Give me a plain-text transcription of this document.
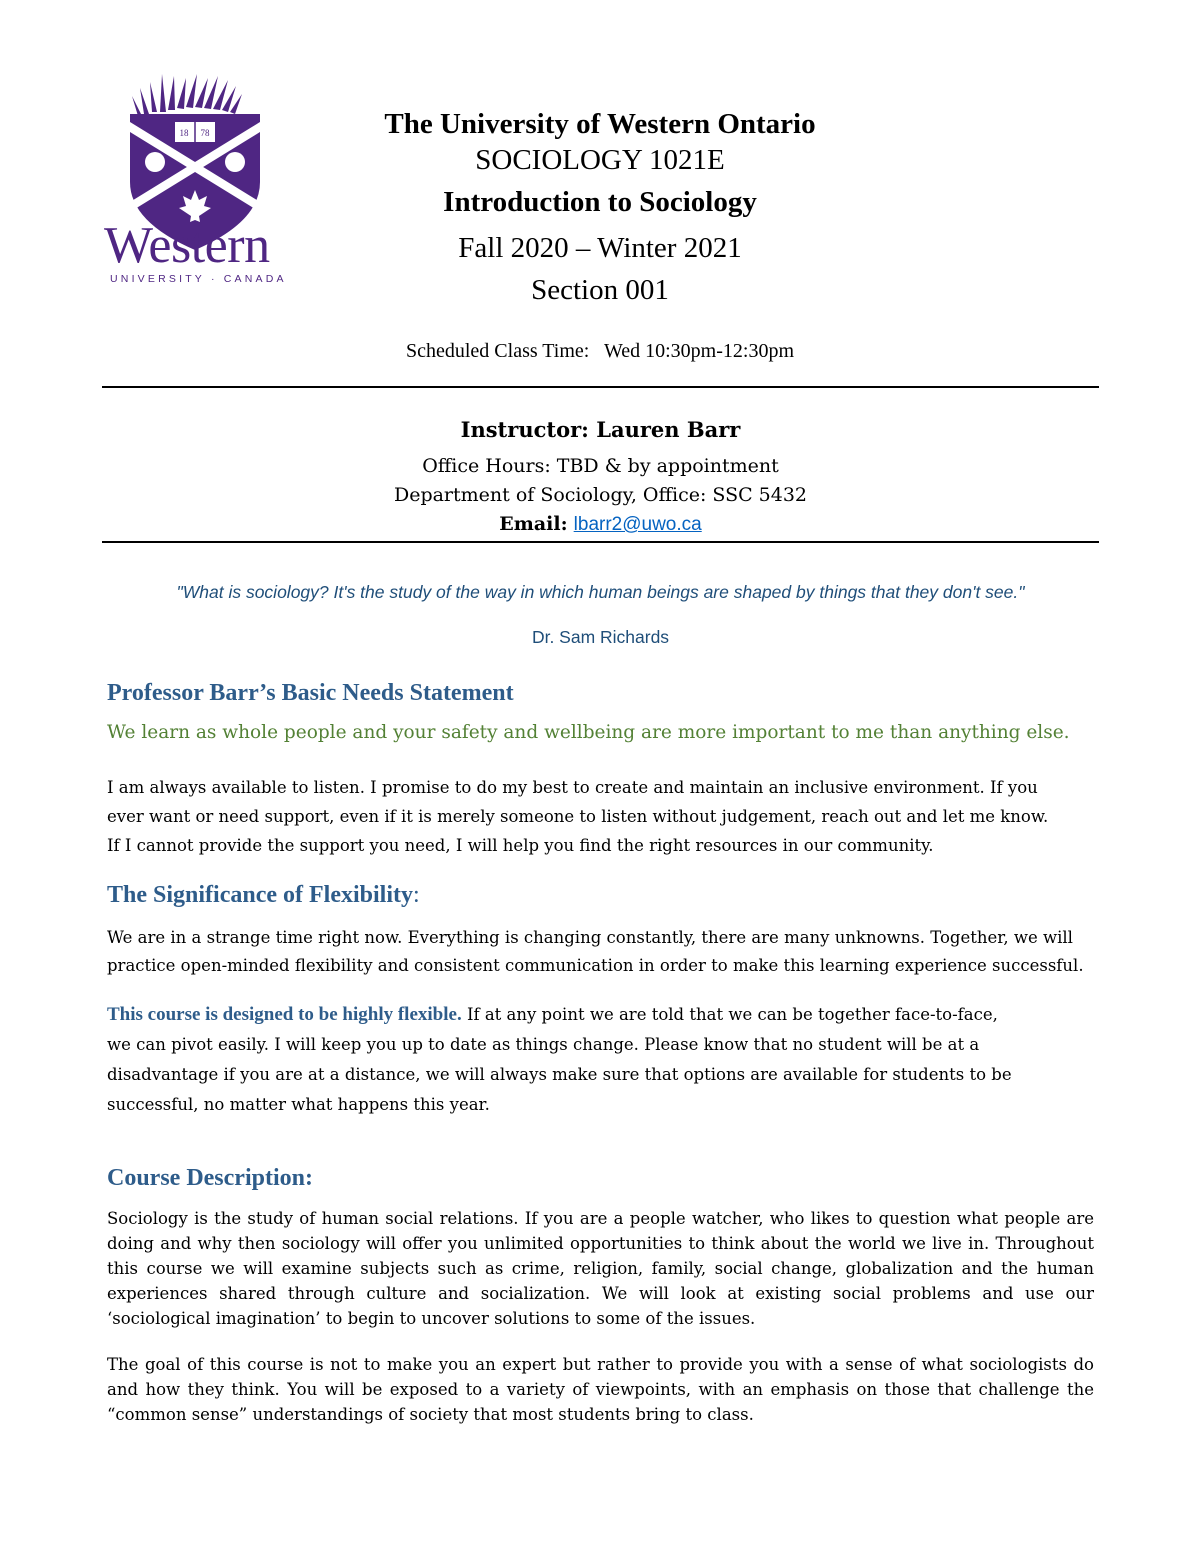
18 78
Western
UNIVERSITY · CANADA
The University of Western Ontario
SOCIOLOGY 1021E
Introduction to Sociology
Fall 2020 – Winter 2021
Section 001
Scheduled Class Time:   Wed 10:30pm-12:30pm
Instructor: Lauren Barr
Office Hours: TBD & by appointment
Department of Sociology, Office: SSC 5432
Email: lbarr2@uwo.ca
"What is sociology? It's the study of the way in which human beings are shaped by things that they don't see."
Dr. Sam Richards
Professor Barr’s Basic Needs Statement
We learn as whole people and your safety and wellbeing are more important to me than anything else.
I am always available to listen. I promise to do my best to create and maintain an inclusive environment. If you
ever want or need support, even if it is merely someone to listen without judgement, reach out and let me know.
If I cannot provide the support you need, I will help you find the right resources in our community.
The Significance of Flexibility:
We are in a strange time right now. Everything is changing constantly, there are many unknowns. Together, we will
practice open-minded flexibility and consistent communication in order to make this learning experience successful.
This course is designed to be highly flexible. If at any point we are told that we can be together face-to-face,
we can pivot easily. I will keep you up to date as things change. Please know that no student will be at a
disadvantage if you are at a distance, we will always make sure that options are available for students to be
successful, no matter what happens this year.
Course Description:
Sociology is the study of human social relations. If you are a people watcher, who likes to question what people are
doing and why then sociology will offer you unlimited opportunities to think about the world we live in. Throughout
this course we will examine subjects such as crime, religion, family, social change, globalization and the human
experiences shared through culture and socialization. We will look at existing social problems and use our
‘sociological imagination’ to begin to uncover solutions to some of the issues.
The goal of this course is not to make you an expert but rather to provide you with a sense of what sociologists do
and how they think. You will be exposed to a variety of viewpoints, with an emphasis on those that challenge the
“common sense” understandings of society that most students bring to class.
